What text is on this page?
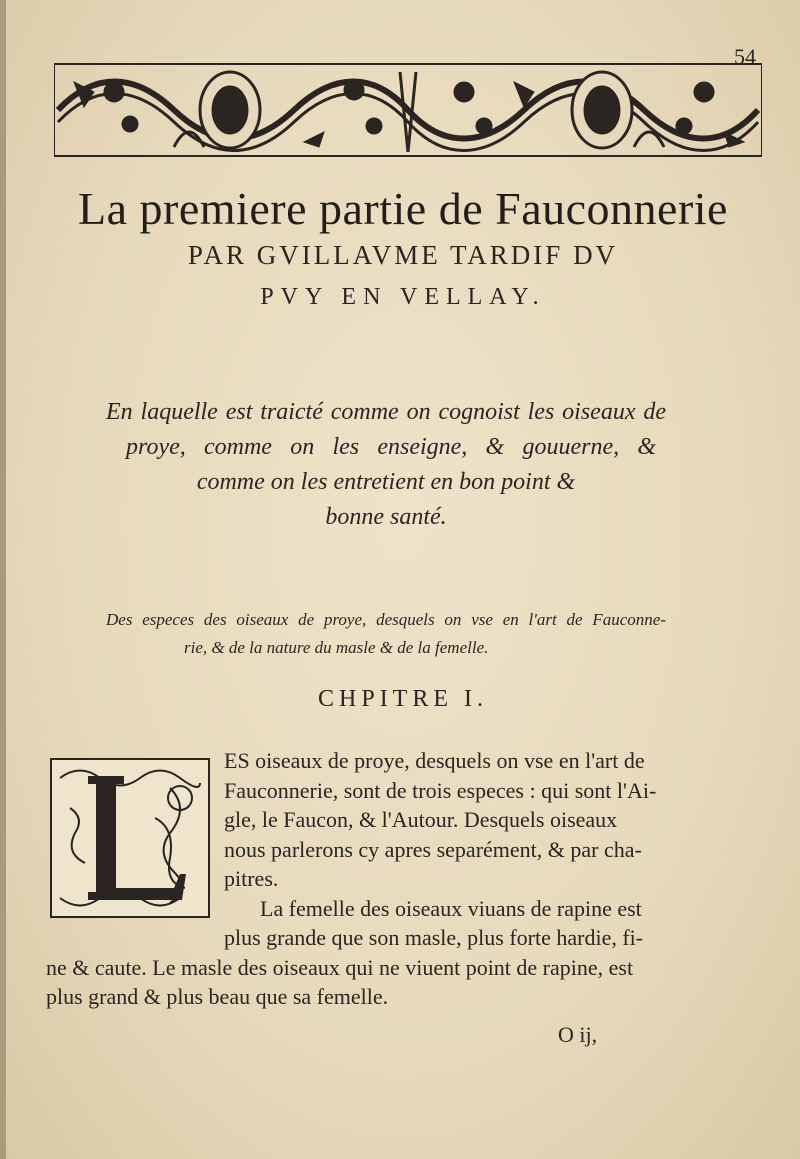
54
La premiere partie de Fauconnerie
PAR GVILLAVME TARDIF DV
PVY EN VELLAY.
En laquelle est traicté comme on cognoist les oiseaux de
proye, comme on les enseigne, & gouuerne, &
comme on les entretient en bon point &
bonne santé.
Des especes des oiseaux de proye, desquels on vse en l'art de Fauconne-
rie, & de la nature du masle & de la femelle.
CHPITRE I.
L
ES oiseaux de proye, desquels on vse en l'art de
Fauconnerie, sont de trois especes : qui sont l'Ai-
gle, le Faucon, & l'Autour. Desquels oiseaux
nous parlerons cy apres separément, & par cha-
pitres.
La femelle des oiseaux viuans de rapine est
plus grande que son masle, plus forte hardie, fi-
ne & caute. Le masle des oiseaux qui ne viuent point de rapine, est
plus grand & plus beau que sa femelle.
O ij,
